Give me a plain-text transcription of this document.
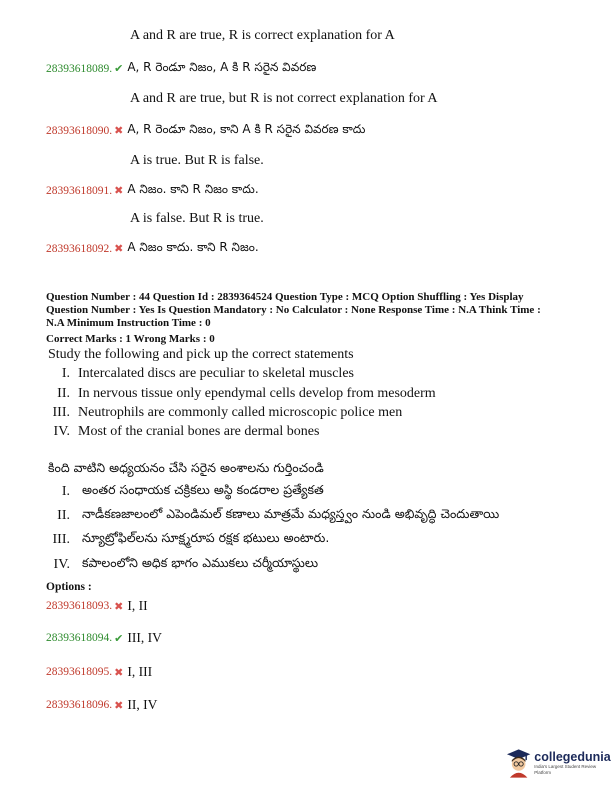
A and R are true, R is correct explanation for A
28393618089. ✔ A, R రెండూ నిజం, A కి R సరైన వివరణ
A and R are true, but R is not correct explanation for A
28393618090. ✖ A, R రెండూ నిజం, కాని A కి R సరైన వివరణ కాదు
A is true. But R is false.
28393618091. ✖ A నిజం. కాని R నిజం కాదు.
A is false. But R is true.
28393618092. ✖ A నిజం కాదు. కాని R నిజం.
Question Number : 44 Question Id : 2839364524 Question Type : MCQ Option Shuffling : Yes Display
Question Number : Yes Is Question Mandatory : No Calculator : None Response Time : N.A Think Time :
N.A Minimum Instruction Time : 0
Correct Marks : 1 Wrong Marks : 0
Study the following and pick up the correct statements
I. Intercalated discs are peculiar to skeletal muscles
II. In nervous tissue only ependymal cells develop from mesoderm
III. Neutrophils are commonly called microscopic police men
IV. Most of the cranial bones are dermal bones
కింది వాటిని అధ్యయనం చేసి సరైన అంశాలను గుర్తించండి
I. అంతర సంధాయక చక్రికలు అస్థి కండరాల ప్రత్యేకత
II. నాడీకణజాలంలో ఎపెండిమల్ కణాలు మాత్రమే మధ్యస్త్వం నుండి అభివృద్ధి చెందుతాయి
III. న్యూట్రోఫిల్‌లను సూక్ష్మరూప రక్షక భటులు అంటారు.
IV. కపాలంలోని అధిక భాగం ఎముకలు చర్మీయాస్థులు
Options :
28393618093. ✖ I, II
28393618094. ✔ III, IV
28393618095. ✖ I, III
28393618096. ✖ II, IV
collegedunia
India's Largest Student Review Platform
